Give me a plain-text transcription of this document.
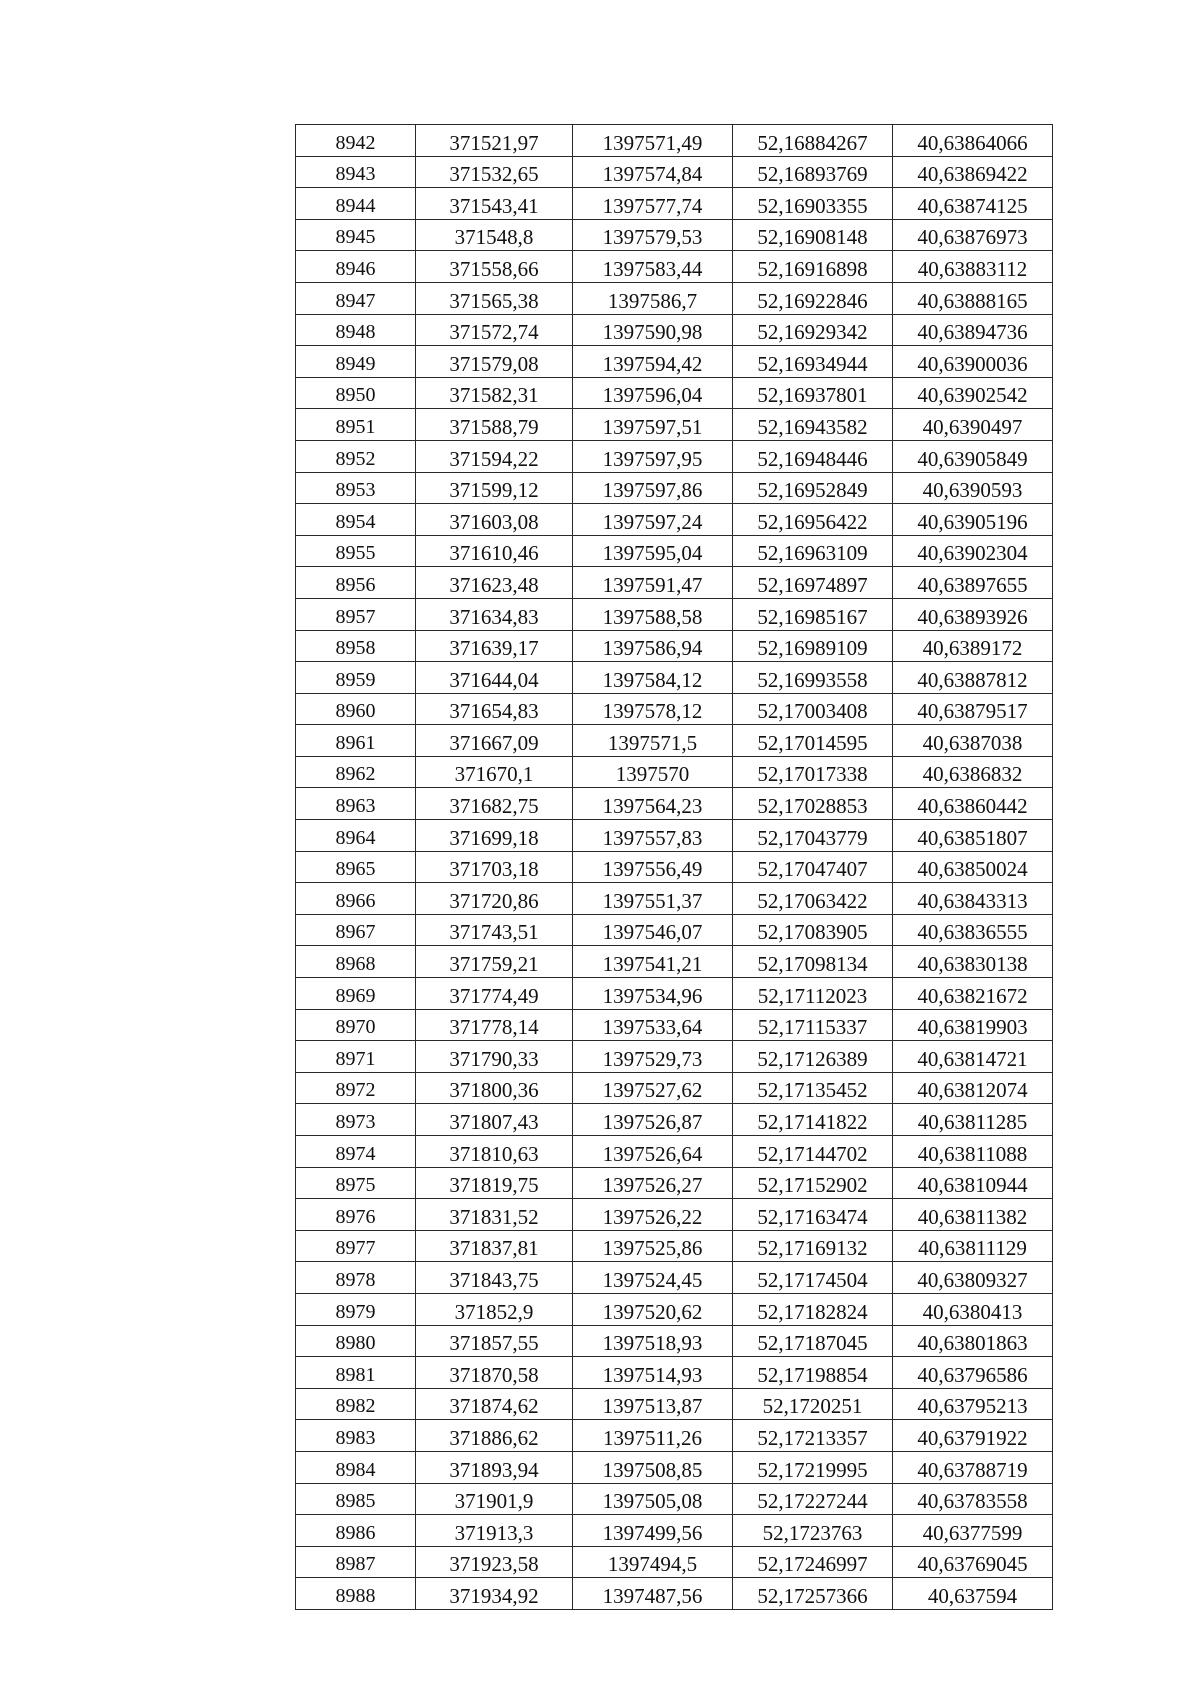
8942	371521,97	1397571,49	52,16884267	40,63864066
8943	371532,65	1397574,84	52,16893769	40,63869422
8944	371543,41	1397577,74	52,16903355	40,63874125
8945	371548,8	1397579,53	52,16908148	40,63876973
8946	371558,66	1397583,44	52,16916898	40,63883112
8947	371565,38	1397586,7	52,16922846	40,63888165
8948	371572,74	1397590,98	52,16929342	40,63894736
8949	371579,08	1397594,42	52,16934944	40,63900036
8950	371582,31	1397596,04	52,16937801	40,63902542
8951	371588,79	1397597,51	52,16943582	40,6390497
8952	371594,22	1397597,95	52,16948446	40,63905849
8953	371599,12	1397597,86	52,16952849	40,6390593
8954	371603,08	1397597,24	52,16956422	40,63905196
8955	371610,46	1397595,04	52,16963109	40,63902304
8956	371623,48	1397591,47	52,16974897	40,63897655
8957	371634,83	1397588,58	52,16985167	40,63893926
8958	371639,17	1397586,94	52,16989109	40,6389172
8959	371644,04	1397584,12	52,16993558	40,63887812
8960	371654,83	1397578,12	52,17003408	40,63879517
8961	371667,09	1397571,5	52,17014595	40,6387038
8962	371670,1	1397570	52,17017338	40,6386832
8963	371682,75	1397564,23	52,17028853	40,63860442
8964	371699,18	1397557,83	52,17043779	40,63851807
8965	371703,18	1397556,49	52,17047407	40,63850024
8966	371720,86	1397551,37	52,17063422	40,63843313
8967	371743,51	1397546,07	52,17083905	40,63836555
8968	371759,21	1397541,21	52,17098134	40,63830138
8969	371774,49	1397534,96	52,17112023	40,63821672
8970	371778,14	1397533,64	52,17115337	40,63819903
8971	371790,33	1397529,73	52,17126389	40,63814721
8972	371800,36	1397527,62	52,17135452	40,63812074
8973	371807,43	1397526,87	52,17141822	40,63811285
8974	371810,63	1397526,64	52,17144702	40,63811088
8975	371819,75	1397526,27	52,17152902	40,63810944
8976	371831,52	1397526,22	52,17163474	40,63811382
8977	371837,81	1397525,86	52,17169132	40,63811129
8978	371843,75	1397524,45	52,17174504	40,63809327
8979	371852,9	1397520,62	52,17182824	40,6380413
8980	371857,55	1397518,93	52,17187045	40,63801863
8981	371870,58	1397514,93	52,17198854	40,63796586
8982	371874,62	1397513,87	52,1720251	40,63795213
8983	371886,62	1397511,26	52,17213357	40,63791922
8984	371893,94	1397508,85	52,17219995	40,63788719
8985	371901,9	1397505,08	52,17227244	40,63783558
8986	371913,3	1397499,56	52,1723763	40,6377599
8987	371923,58	1397494,5	52,17246997	40,63769045
8988	371934,92	1397487,56	52,17257366	40,637594
